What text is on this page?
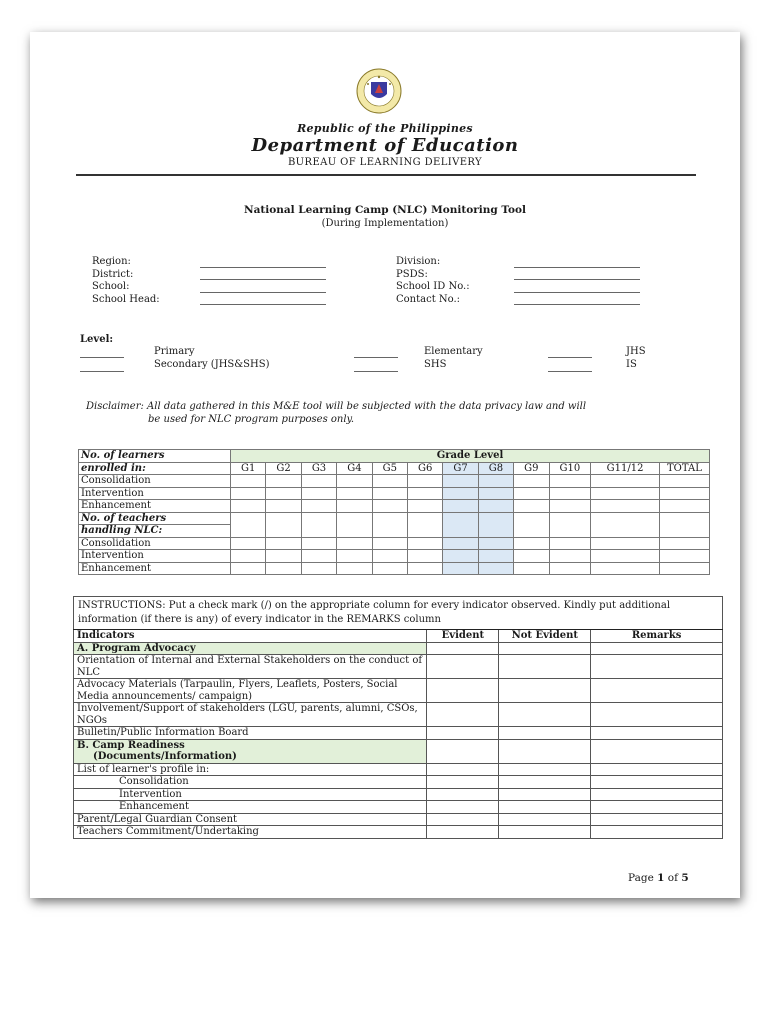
Republic of the Philippines
Department of Education
BUREAU OF LEARNING DELIVERY
National Learning Camp (NLC) Monitoring Tool
(During Implementation)
Region:
District:
School:
School Head:
Division:
PSDS:
School ID No.:
Contact No.:
Level:
Primary
Secondary (JHS&SHS)
Elementary
SHS
JHS
IS
Disclaimer: All data gathered in this M&E tool will be subjected with the data privacy law and will
be used for NLC program purposes only.
No. of learners	Grade Level											
enrolled in:	G1	G2	G3	G4	G5	G6	G7	G8	G9	G10	G11/12	TOTAL
Consolidation												
Intervention												
Enhancement												
No. of teachers												
handling NLC:												
Consolidation												
Intervention												
Enhancement												
INSTRUCTIONS: Put a check mark (/) on the appropriate column for every indicator observed. Kindly put additional information (if there is any) of every indicator in the REMARKS column			
Indicators	Evident	Not Evident	Remarks
A. Program Advocacy			
Orientation of Internal and External Stakeholders on the conduct of NLC			
Advocacy Materials (Tarpaulin, Flyers, Leaflets, Posters, Social Media announcements/ campaign)			
Involvement/Support of stakeholders (LGU, parents, alumni, CSOs, NGOs			
Bulletin/Public Information Board			

B. Camp Readiness
(Documents/Information)			

List of learner's profile in:			
Consolidation			
Intervention			
Enhancement			
Parent/Legal Guardian Consent			
Teachers Commitment/Undertaking			
Page 1 of 5
